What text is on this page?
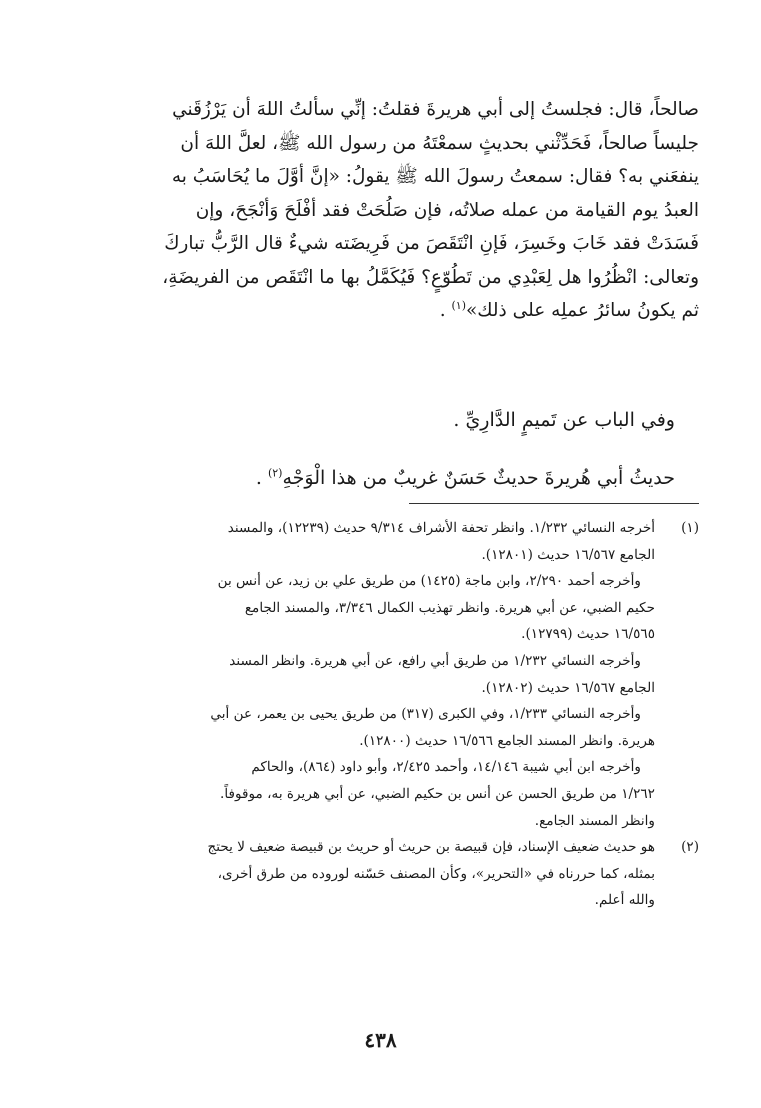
صالحاً، قال: فجلستُ إلى أبي هريرةَ فقلتُ: إنِّي سألتُ اللهَ أن يَرْزُقَني

جليساً صالحاً، فَحَدِّثْني بحديثٍ سمعْتَهُ من رسول الله ﷺ، لعلَّ اللهَ أن

ينفعَني به؟ فقال: سمعتُ رسولَ الله ﷺ يقولُ: «إنَّ أوَّلَ ما يُحَاسَبُ به

العبدُ يوم القيامة من عمله صلاتُه، فإن صَلُحَتْ فقد أفْلَحَ وَأنْجَحَ، وإن

فَسَدَتْ فقد خَابَ وخَسِرَ، فَإنِ انْتَقَصَ من فَرِيضَته شيءٌ قال الرَّبُّ تباركَ

وتعالى: انْظُرُوا هل لِعَبْدِي من تَطُوّعٍ؟ فَيُكَمَّلُ بها ما انْتَقَص من الفريضَةِ،

ثم يكونُ سائرُ عملِه على ذلك»$^{(١)}$ .

وفي الباب عن تَميمٍ الدَّارِيِّ .
حديثُ أبي هُريرةَ حديثٌ حَسَنٌ غريبٌ من هذا الْوَجْهِ$^{(٢)}$ .
(١)

أخرجه النسائي ١/٢٣٢. وانظر تحفة الأشراف ٩/٣١٤ حديث (١٢٢٣٩)، والمسند

الجامع ١٦/٥٦٧ حديث (١٢٨٠١).

وأخرجه أحمد ٢/٢٩٠، وابن ماجة (١٤٢٥) من طريق علي بن زيد، عن أنس بن

حكيم الضبي، عن أبي هريرة. وانظر تهذيب الكمال ٣/٣٤٦، والمسند الجامع

١٦/٥٦٥ حديث (١٢٧٩٩).

وأخرجه النسائي ١/٢٣٢ من طريق أبي رافع، عن أبي هريرة. وانظر المسند

الجامع ١٦/٥٦٧ حديث (١٢٨٠٢).

وأخرجه النسائي ١/٢٣٣، وفي الكبرى (٣١٧) من طريق يحيى بن يعمر، عن أبي

هريرة. وانظر المسند الجامع ١٦/٥٦٦ حديث (١٢٨٠٠).

وأخرجه ابن أبي شيبة ١٤/١٤٦، وأحمد ٢/٤٢٥، وأبو داود (٨٦٤)، والحاكم

١/٢٦٢ من طريق الحسن عن أنس بن حكيم الضبي، عن أبي هريرة به، موقوفاً.

وانظر المسند الجامع.

(٢)

هو حديث ضعيف الإسناد، فإن قبيصة بن حريث أو حريث بن قبيصة ضعيف لا يحتج

بمثله، كما حررناه في «التحرير»، وكأن المصنف حَسّنه لوروده من طرق أخرى،

والله أعلم.

٤٣٨
